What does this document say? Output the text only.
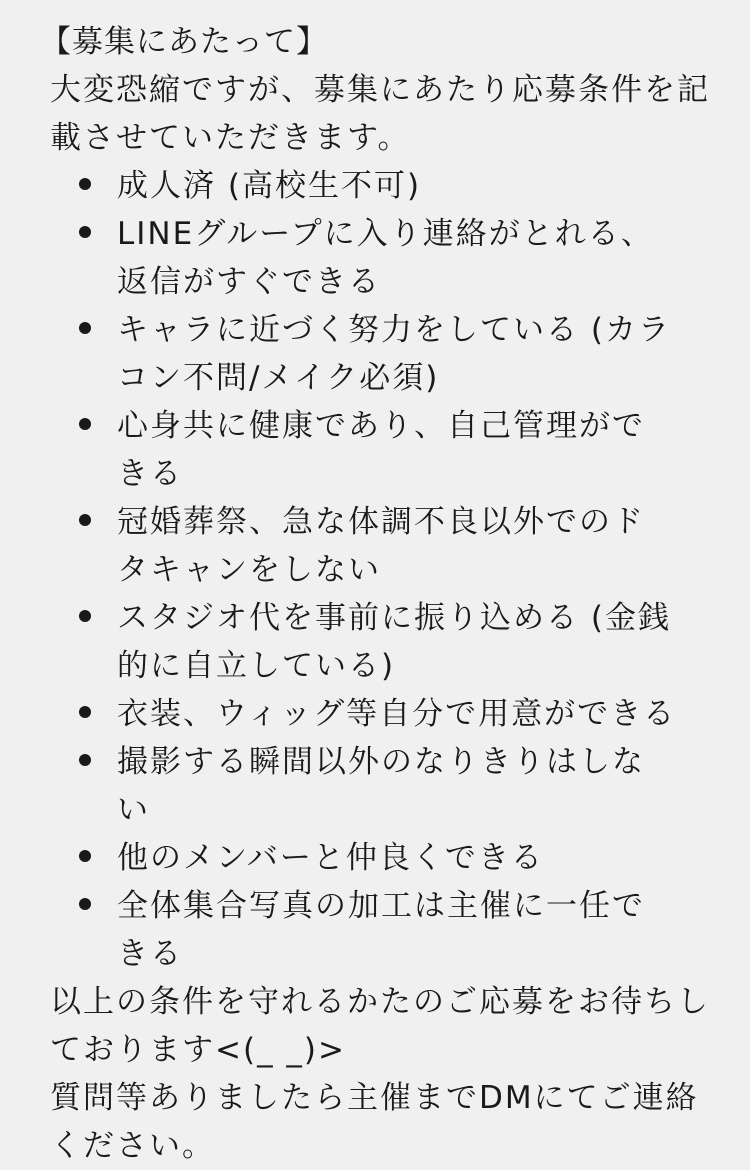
【募集にあたって】
大変恐縮ですが、募集にあたり応募条件を記載させていただきます。
成人済 (高校生不可)
LINEグループに入り連絡がとれる、返信がすぐできる
キャラに近づく努力をしている (カラコン不問/メイク必須)
心身共に健康であり、自己管理ができる
冠婚葬祭、急な体調不良以外でのドタキャンをしない
スタジオ代を事前に振り込める (金銭的に自立している)
衣装、ウィッグ等自分で用意ができる
撮影する瞬間以外のなりきりはしない
他のメンバーと仲良くできる
全体集合写真の加工は主催に一任できる
以上の条件を守れるかたのご応募をお待ちしております<(_ _)>
質問等ありましたら主催までDMにてご連絡ください。
